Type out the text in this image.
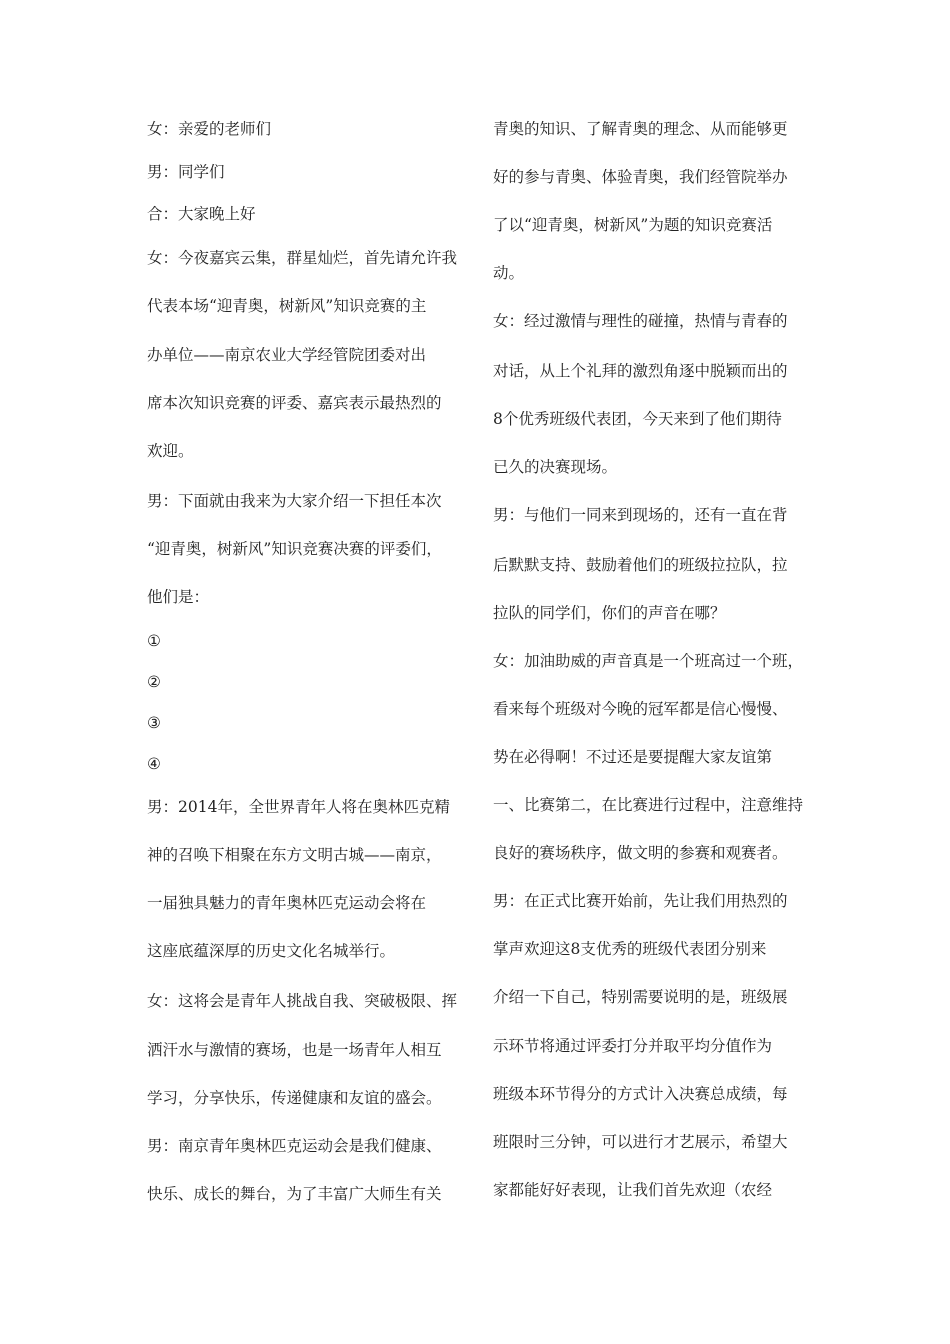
女：亲爱的老师们
男：同学们
合：大家晚上好
女：今夜嘉宾云集，群星灿烂，首先请允许我
代表本场“迎青奥，树新风”知识竞赛的主
办单位——南京农业大学经管院团委对出
席本次知识竞赛的评委、嘉宾表示最热烈的
欢迎。
男：下面就由我来为大家介绍一下担任本次
“迎青奥，树新风”知识竞赛决赛的评委们，
他们是：
①
②
③
④
男：2014年，全世界青年人将在奥林匹克精
神的召唤下相聚在东方文明古城——南京，
一届独具魅力的青年奥林匹克运动会将在
这座底蕴深厚的历史文化名城举行。
女：这将会是青年人挑战自我、突破极限、挥
洒汗水与激情的赛场，也是一场青年人相互
学习，分享快乐，传递健康和友谊的盛会。
男：南京青年奥林匹克运动会是我们健康、
快乐、成长的舞台，为了丰富广大师生有关
青奥的知识、了解青奥的理念、从而能够更
好的参与青奥、体验青奥，我们经管院举办
了以“迎青奥，树新风”为题的知识竞赛活
动。
女：经过激情与理性的碰撞，热情与青春的
对话，从上个礼拜的激烈角逐中脱颖而出的
8个优秀班级代表团，今天来到了他们期待
已久的决赛现场。
男：与他们一同来到现场的，还有一直在背
后默默支持、鼓励着他们的班级拉拉队，拉
拉队的同学们，你们的声音在哪？
女：加油助威的声音真是一个班高过一个班，
看来每个班级对今晚的冠军都是信心慢慢、
势在必得啊！不过还是要提醒大家友谊第
一、比赛第二，在比赛进行过程中，注意维持
良好的赛场秩序，做文明的参赛和观赛者。
男：在正式比赛开始前，先让我们用热烈的
掌声欢迎这8支优秀的班级代表团分别来
介绍一下自己，特别需要说明的是，班级展
示环节将通过评委打分并取平均分值作为
班级本环节得分的方式计入决赛总成绩，每
班限时三分钟，可以进行才艺展示，希望大
家都能好好表现，让我们首先欢迎（农经
